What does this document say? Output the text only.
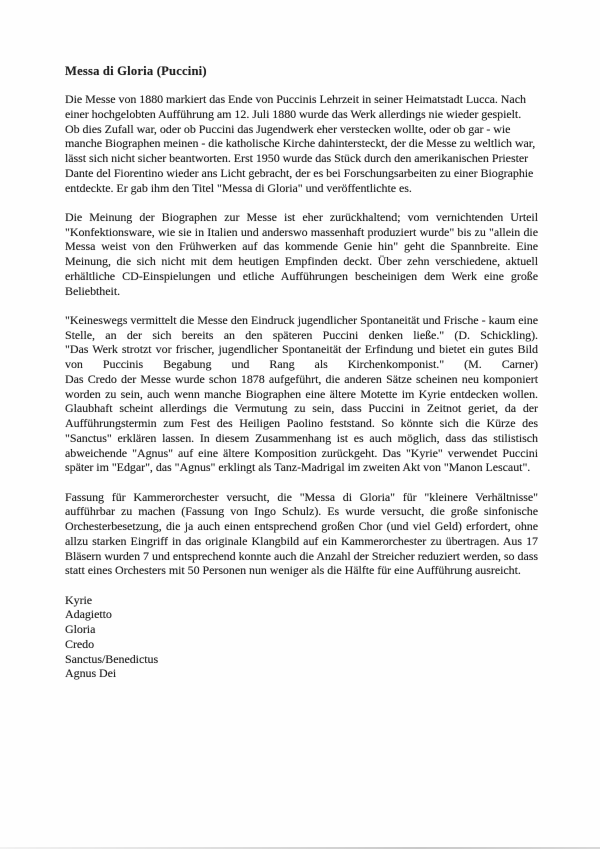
Messa di Gloria (Puccini)

Die Messe von 1880 markiert das Ende von Puccinis Lehrzeit in seiner Heimatstadt Lucca. Nach einer hochgelobten Aufführung am 12. Juli 1880 wurde das Werk allerdings nie wieder gespielt. Ob dies Zufall war, oder ob Puccini das Jugendwerk eher verstecken wollte, oder ob gar - wie manche Biographen meinen - die katholische Kirche dahintersteckt, der die Messe zu weltlich war, lässt sich nicht sicher beantworten. Erst 1950 wurde das Stück durch den amerikanischen Priester Dante del Fiorentino wieder ans Licht gebracht, der es bei Forschungsarbeiten zu einer Biographie entdeckte. Er gab ihm den Titel "Messa di Gloria" und veröffentlichte es.

Die Meinung der Biographen zur Messe ist eher zurückhaltend; vom vernichtenden Urteil "Konfektionsware, wie sie in Italien und anderswo massenhaft produziert wurde" bis zu "allein die Messa weist von den Frühwerken auf das kommende Genie hin" geht die Spannbreite. Eine Meinung, die sich nicht mit dem heutigen Empfinden deckt. Über zehn verschiedene, aktuell erhältliche CD-Einspielungen und etliche Aufführungen bescheinigen dem Werk eine große Beliebtheit.

"Keineswegs vermittelt die Messe den Eindruck jugendlicher Spontaneität und Frische - kaum eine Stelle, an der sich bereits an den späteren Puccini denken ließe." (D. Schickling).

"Das Werk strotzt vor frischer, jugendlicher Spontaneität der Erfindung und bietet ein gutes Bild von Puccinis Begabung und Rang als Kirchenkomponist." (M. Carner)

Das Credo der Messe wurde schon 1878 aufgeführt, die anderen Sätze scheinen neu komponiert worden zu sein, auch wenn manche Biographen eine ältere Motette im Kyrie entdecken wollen. Glaubhaft scheint allerdings die Vermutung zu sein, dass Puccini in Zeitnot geriet, da der Aufführungstermin zum Fest des Heiligen Paolino feststand. So könnte sich die Kürze des "Sanctus" erklären lassen. In diesem Zusammenhang ist es auch möglich, dass das stilistisch abweichende "Agnus" auf eine ältere Komposition zurückgeht. Das "Kyrie" verwendet Puccini später im "Edgar", das "Agnus" erklingt als Tanz-Madrigal im zweiten Akt von "Manon Lescaut".

Fassung für Kammerorchester versucht, die "Messa di Gloria" für "kleinere Verhältnisse" aufführbar zu machen (Fassung von Ingo Schulz). Es wurde versucht, die große sinfonische Orchesterbesetzung, die ja auch einen entsprechend großen Chor (und viel Geld) erfordert, ohne allzu starken Eingriff in das originale Klangbild auf ein Kammerorchester zu übertragen. Aus 17 Bläsern wurden 7 und entsprechend konnte auch die Anzahl der Streicher reduziert werden, so dass statt eines Orchesters mit 50 Personen nun weniger als die Hälfte für eine Aufführung ausreicht.

Kyrie
Adagietto
Gloria
Credo
Sanctus/Benedictus
Agnus Dei
